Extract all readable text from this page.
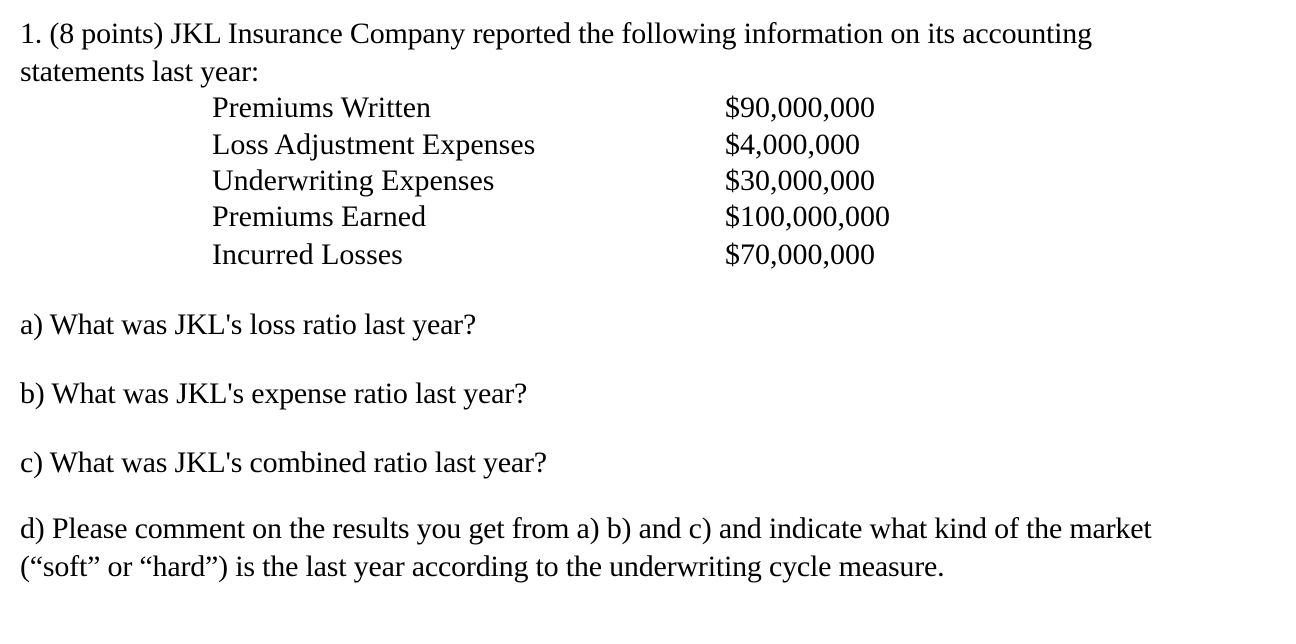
1. (8 points) JKL Insurance Company reported the following information on its accounting
statements last year:
Premiums Written	$90,000,000
Loss Adjustment Expenses	$4,000,000
Underwriting Expenses	$30,000,000
Premiums Earned	$100,000,000
Incurred Losses	$70,000,000
a) What was JKL's loss ratio last year?
b) What was JKL's expense ratio last year?
c) What was JKL's combined ratio last year?
d) Please comment on the results you get from a) b) and c) and indicate what kind of the market
(“soft” or “hard”) is the last year according to the underwriting cycle measure.
